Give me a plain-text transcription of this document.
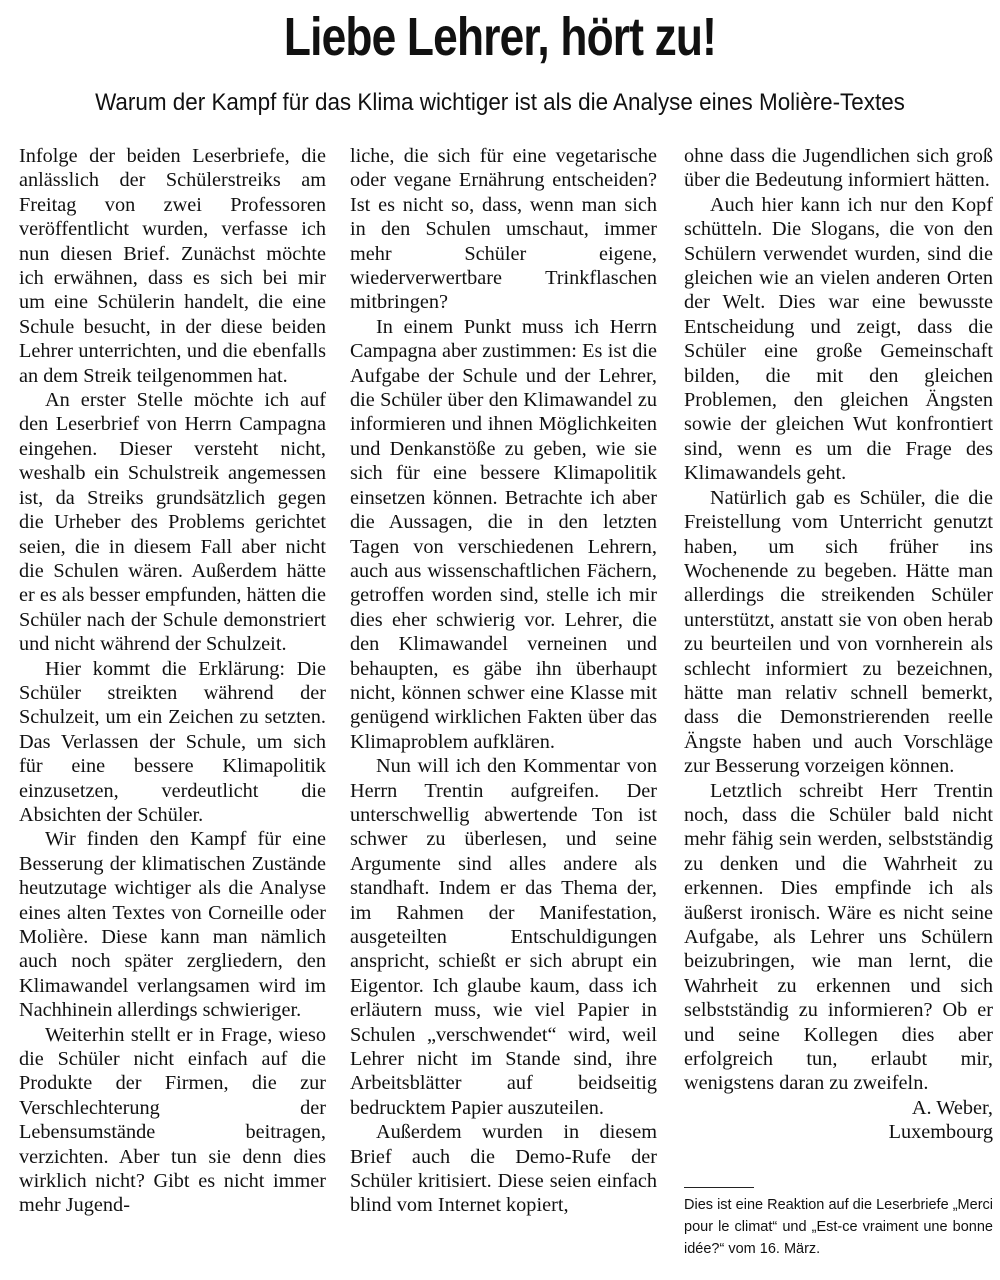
Liebe Lehrer, hört zu!
Warum der Kampf für das Klima wichtiger ist als die Analyse eines Molière-Textes

Infolge der beiden Leserbriefe, die anlässlich der Schülerstreiks am Freitag von zwei Professoren veröffentlicht wurden, verfasse ich nun diesen Brief. Zunächst möchte ich erwähnen, dass es sich bei mir um eine Schülerin handelt, die eine Schule besucht, in der diese beiden Lehrer unterrichten, und die ebenfalls an dem Streik teilgenommen hat.

An erster Stelle möchte ich auf den Leserbrief von Herrn Campagna eingehen. Dieser versteht nicht, weshalb ein Schulstreik angemessen ist, da Streiks grundsätzlich gegen die Urheber des Problems gerichtet seien, die in diesem Fall aber nicht die Schulen wären. Außerdem hätte er es als besser empfunden, hätten die Schüler nach der Schule demonstriert und nicht während der Schulzeit.

Hier kommt die Erklärung: Die Schüler streikten während der Schulzeit, um ein Zeichen zu setzten. Das Verlassen der Schule, um sich für eine bessere Klimapolitik einzusetzen, verdeutlicht die Absichten der Schüler.

Wir finden den Kampf für eine Besserung der klimatischen Zustände heutzutage wichtiger als die Analyse eines alten Textes von Corneille oder Molière. Diese kann man nämlich auch noch später zergliedern, den Klimawandel verlangsamen wird im Nachhinein allerdings schwieriger.

Weiterhin stellt er in Frage, wieso die Schüler nicht einfach auf die Produkte der Firmen, die zur Verschlechterung der Lebensumstände beitragen, verzichten. Aber tun sie denn dies wirklich nicht? Gibt es nicht immer mehr Jugend-

liche, die sich für eine vegetarische oder vegane Ernährung entscheiden? Ist es nicht so, dass, wenn man sich in den Schulen umschaut, immer mehr Schüler eigene, wiederverwertbare Trinkflaschen mitbringen?

In einem Punkt muss ich Herrn Campagna aber zustimmen: Es ist die Aufgabe der Schule und der Lehrer, die Schüler über den Klimawandel zu informieren und ihnen Möglichkeiten und Denkanstöße zu geben, wie sie sich für eine bessere Klimapolitik einsetzen können. Betrachte ich aber die Aussagen, die in den letzten Tagen von verschiedenen Lehrern, auch aus wissenschaftlichen Fächern, getroffen worden sind, stelle ich mir dies eher schwierig vor. Lehrer, die den Klimawandel verneinen und behaupten, es gäbe ihn überhaupt nicht, können schwer eine Klasse mit genügend wirklichen Fakten über das Klimaproblem aufklären.

Nun will ich den Kommentar von Herrn Trentin aufgreifen. Der unterschwellig abwertende Ton ist schwer zu überlesen, und seine Argumente sind alles andere als standhaft. Indem er das Thema der, im Rahmen der Manifestation, ausgeteilten Entschuldigungen anspricht, schießt er sich abrupt ein Eigentor. Ich glaube kaum, dass ich erläutern muss, wie viel Papier in Schulen „verschwendet“ wird, weil Lehrer nicht im Stande sind, ihre Arbeitsblätter auf beidseitig bedrucktem Papier auszuteilen.

Außerdem wurden in diesem Brief auch die Demo-Rufe der Schüler kritisiert. Diese seien einfach blind vom Internet kopiert,

ohne dass die Jugendlichen sich groß über die Bedeutung informiert hätten.

Auch hier kann ich nur den Kopf schütteln. Die Slogans, die von den Schülern verwendet wurden, sind die gleichen wie an vielen anderen Orten der Welt. Dies war eine bewusste Entscheidung und zeigt, dass die Schüler eine große Gemeinschaft bilden, die mit den gleichen Problemen, den gleichen Ängsten sowie der gleichen Wut konfrontiert sind, wenn es um die Frage des Klimawandels geht.

Natürlich gab es Schüler, die die Freistellung vom Unterricht genutzt haben, um sich früher ins Wochenende zu begeben. Hätte man allerdings die streikenden Schüler unterstützt, anstatt sie von oben herab zu beurteilen und von vornherein als schlecht informiert zu bezeichnen, hätte man relativ schnell bemerkt, dass die Demonstrierenden reelle Ängste haben und auch Vorschläge zur Besserung vorzeigen können.

Letztlich schreibt Herr Trentin noch, dass die Schüler bald nicht mehr fähig sein werden, selbstständig zu denken und die Wahrheit zu erkennen. Dies empfinde ich als äußerst ironisch. Wäre es nicht seine Aufgabe, als Lehrer uns Schülern beizubringen, wie man lernt, die Wahrheit zu erkennen und sich selbstständig zu informieren? Ob er und seine Kollegen dies aber erfolgreich tun, erlaubt mir, wenigstens daran zu zweifeln.

A. Weber,

Luxembourg

Dies ist eine Reaktion auf die Leserbriefe „Merci pour le climat“ und „Est-ce vraiment une bonne idée?“ vom 16. März.
